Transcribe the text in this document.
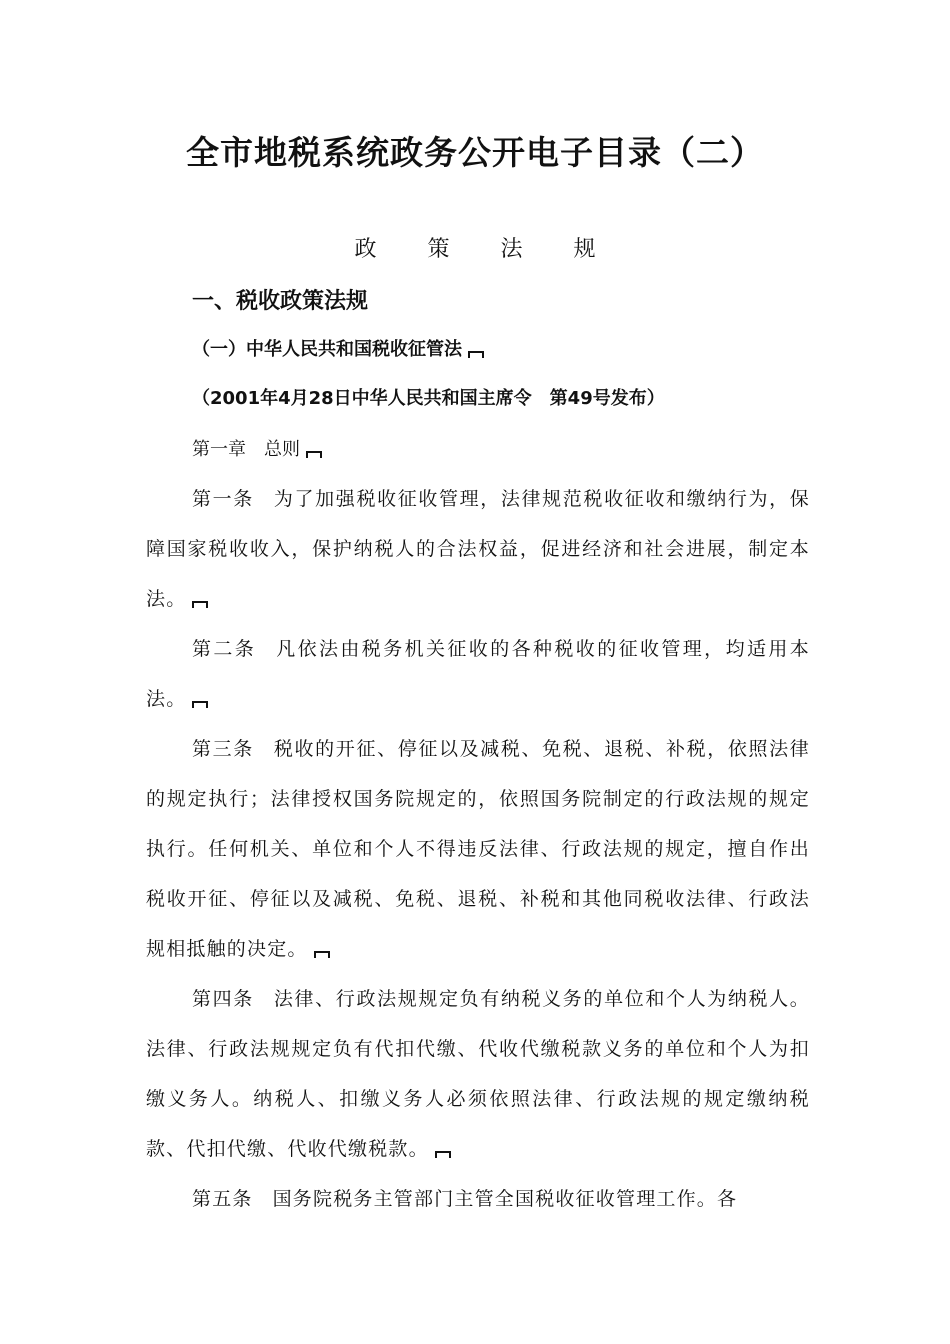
全市地税系统政务公开电子目录（二）
政 策 法 规
一、税收政策法规
（一）中华人民共和国税收征管法
（2001年4月28日中华人民共和国主席令　第49号发布）
第一章　总则

第一条 为了加强税收征收管理，法律规范税收征收和缴纳行为，保障国家税收收入，保护纳税人的合法权益，促进经济和社会进展，制定本法。

第二条 凡依法由税务机关征收的各种税收的征收管理，均适用本法。

第三条 税收的开征、停征以及减税、免税、退税、补税，依照法律的规定执行；法律授权国务院规定的，依照国务院制定的行政法规的规定执行。任何机关、单位和个人不得违反法律、行政法规的规定，擅自作出税收开征、停征以及减税、免税、退税、补税和其他同税收法律、行政法规相抵触的决定。

第四条 法律、行政法规规定负有纳税义务的单位和个人为纳税人。法律、行政法规规定负有代扣代缴、代收代缴税款义务的单位和个人为扣缴义务人。纳税人、扣缴义务人必须依照法律、行政法规的规定缴纳税款、代扣代缴、代收代缴税款。

第五条 国务院税务主管部门主管全国税收征收管理工作。各
